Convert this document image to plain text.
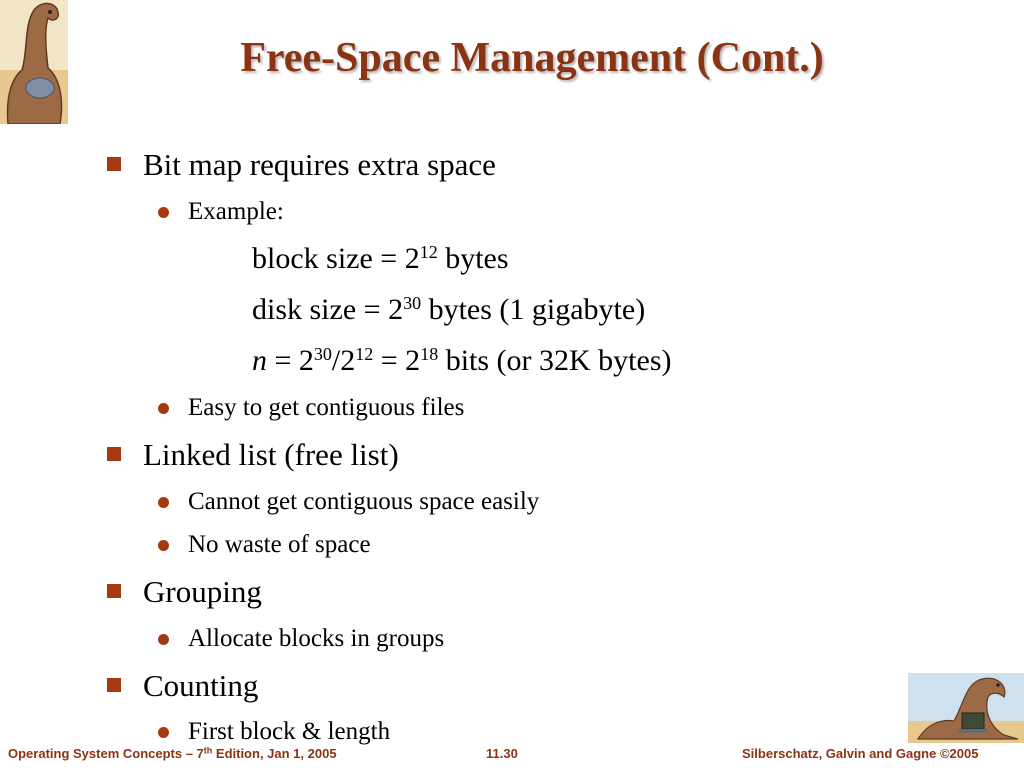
Free-Space Management (Cont.)
Bit map requires extra space
Example:
block size = $2^{12}$ bytes
disk size = $2^{30}$ bytes (1 gigabyte)
$n = 2^{30}/2^{12} = 2^{18}$ bits (or 32K bytes)
Easy to get contiguous files
Linked list (free list)
Cannot get contiguous space easily
No waste of space
Grouping
Allocate blocks in groups
Counting
First block & length
Operating System Concepts – 7th Edition, Jan 1, 2005	11.30	Silberschatz, Galvin and Gagne ©2005
